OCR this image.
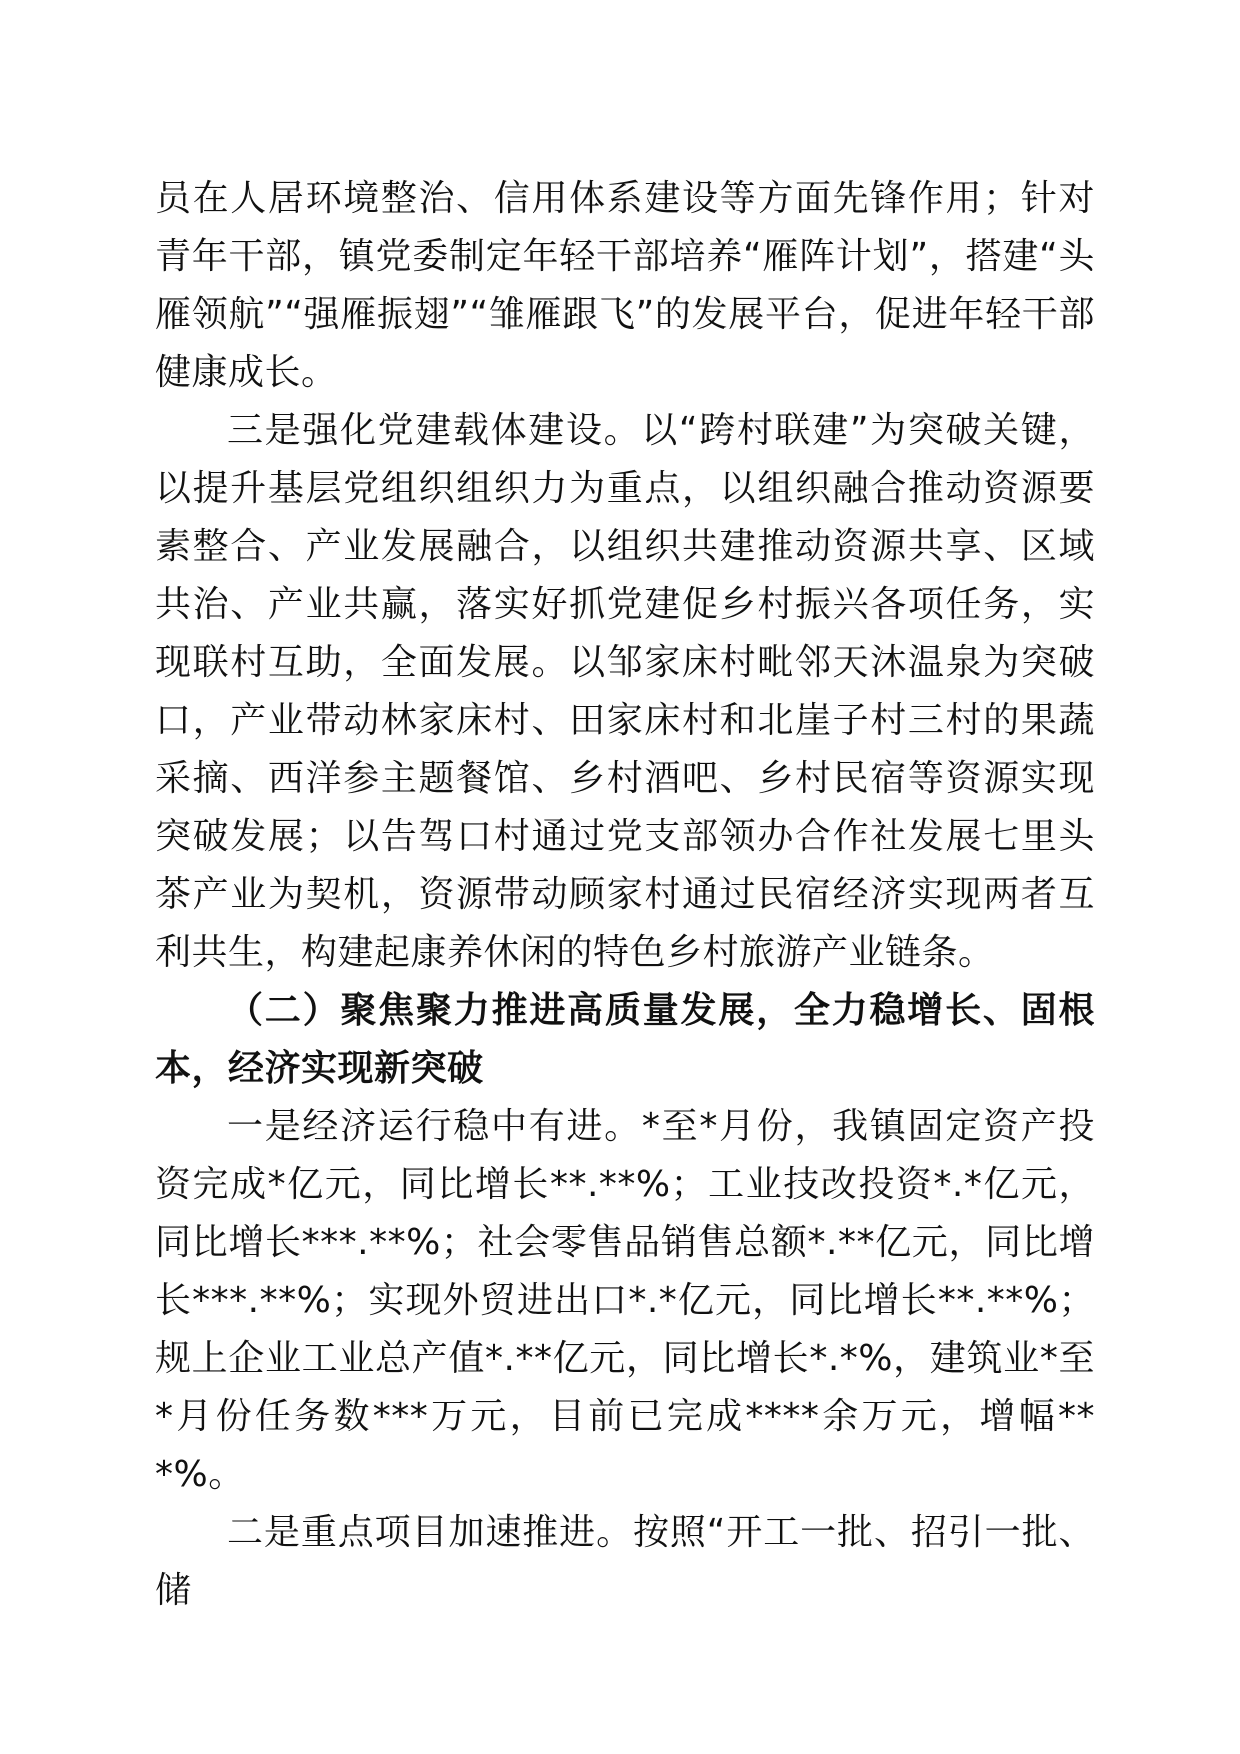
员在人居环境整治、信用体系建设等方面先锋作用；针对青年干部，镇党委制定年轻干部培养“雁阵计划”，搭建“头雁领航”“强雁振翅”“雏雁跟飞”的发展平台，促进年轻干部健康成长。

三是强化党建载体建设。以“跨村联建”为突破关键，以提升基层党组织组织力为重点，以组织融合推动资源要素整合、产业发展融合，以组织共建推动资源共享、区域共治、产业共赢，落实好抓党建促乡村振兴各项任务，实现联村互助，全面发展。以邹家床村毗邻天沐温泉为突破口，产业带动林家床村、田家床村和北崖子村三村的果蔬采摘、西洋参主题餐馆、乡村酒吧、乡村民宿等资源实现突破发展；以告驾口村通过党支部领办合作社发展七里头茶产业为契机，资源带动顾家村通过民宿经济实现两者互利共生，构建起康养休闲的特色乡村旅游产业链条。

（二）聚焦聚力推进高质量发展，全力稳增长、固根本，经济实现新突破

一是经济运行稳中有进。*至*月份，我镇固定资产投资完成*亿元，同比增长**.**%；工业技改投资*.*亿元，同比增长***.**%；社会零售品销售总额*.**亿元，同比增长***.**%；实现外贸进出口*.*亿元，同比增长**.**%；规上企业工业总产值*.**亿元，同比增长*.*%，建筑业*至*月份任务数***万元，目前已完成****余万元，增幅***%。

二是重点项目加速推进。按照“开工一批、招引一批、储
